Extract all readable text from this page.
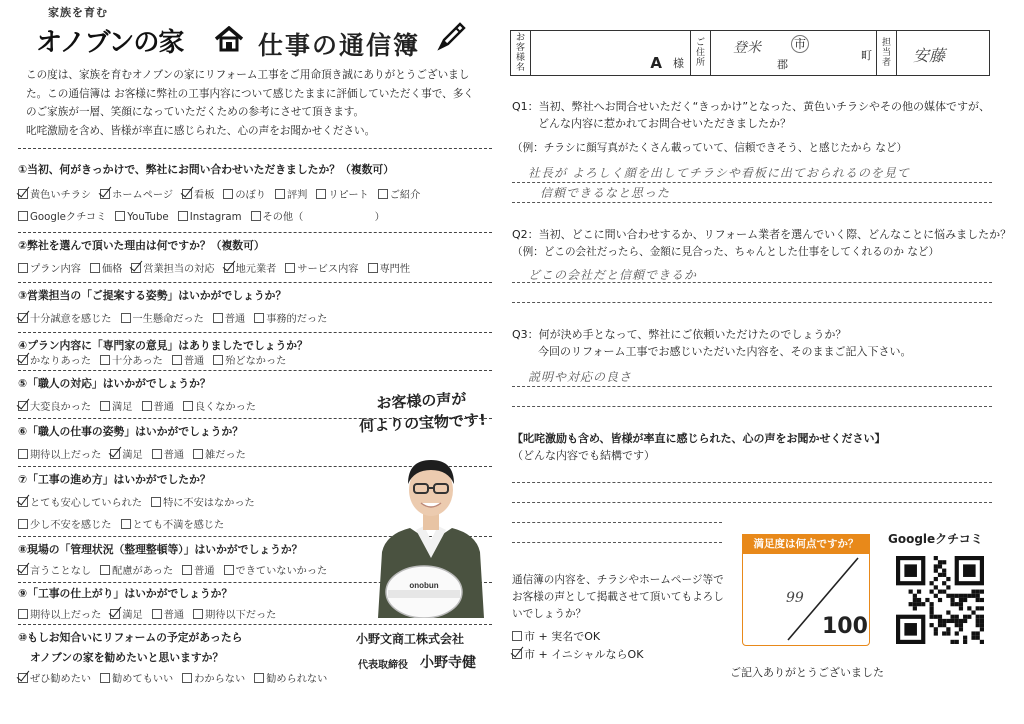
家族を育む
オノブンの家	仕事の通信簿
この度は、家族を育むオノブンの家にリフォーム工事をご用命頂き誠にありがとうございまし
た。この通信簿は お客様に弊社の工事内容について感じたままに評価していただく事で、多く
のご家族が一層、笑顔になっていただくための参考にさせて頂きます。
叱咤激励を含め、皆様が率直に感じられた、心の声をお聞かせください。
①当初、何がきっかけで、弊社にお問い合わせいただきましたか？（複数可）
黄色いチラシ ホームページ 看板 のぼり 評判 リピート ご紹介
Googleクチコミ YouTube Instagram その他（　　　　　　　）
②弊社を選んで頂いた理由は何ですか？（複数可）
プラン内容 価格 営業担当の対応 地元業者 サービス内容 専門性
③営業担当の「ご提案する姿勢」はいかがでしょうか？
十分誠意を感じた 一生懸命だった 普通 事務的だった
④プラン内容に「専門家の意見」はありましたでしょうか？
かなりあった 十分あった 普通 殆どなかった
⑤「職人の対応」はいかがでしょうか？
大変良かった 満足 普通 良くなかった
⑥「職人の仕事の姿勢」はいかがでしょうか？
期待以上だった 満足 普通 雑だった
⑦「工事の進め方」はいかがでしたか？
とても安心していられた 特に不安はなかった
少し不安を感じた とても不満を感じた
⑧現場の「管理状況（整理整頓等）」はいかがでしょうか？
言うことなし 配慮があった 普通 できていないかった
⑨「工事の仕上がり」はいかがでしょうか？
期待以上だった 満足 普通 期待以下だった
⑩もしお知合いにリフォームの予定があったら
オノブンの家を勧めたいと思いますか？
ぜひ勧めたい 勧めてもいい わからない 勧められない
お客様の声が
何よりの宝物です!
onobun
小野文商工株式会社
代表取締役 小野寺健
お客様名	A 様
ご住所
登米	市
郡
町
担当者	安藤
Q1：当初、弊社へお問合せいただく“きっかけ”となった、黄色いチラシやその他の媒体ですが、
どんな内容に惹かれてお問合せいただきましたか？
（例：チラシに顔写真がたくさん載っていて、信頼できそう、と感じたから など）
社長が よろしく顔を出してチラシや看板に出ておられるのを見て
信頼できるなと思った
Q2：当初、どこに問い合わせするか、リフォーム業者を選んでいく際、どんなことに悩みましたか？
（例：どこの会社だったら、金額に見合った、ちゃんとした仕事をしてくれるのか など）
どこの会社だと信頼できるか
Q3：何が決め手となって、弊社にご依頼いただけたのでしょうか？
今回のリフォーム工事でお感じいただいた内容を、そのままご記入下さい。
説明や対応の良さ
【叱咤激励も含め、皆様が率直に感じられた、心の声をお聞かせください】
（どんな内容でも結構です）
通信簿の内容を、チラシやホームページ等でお客様の声として掲載させて頂いてもよろしいでしょうか？
市 + 実名でOK
市 + イニシャルならOK
満足度は何点ですか？
99
100
Googleクチコミ
ご記入ありがとうございました
